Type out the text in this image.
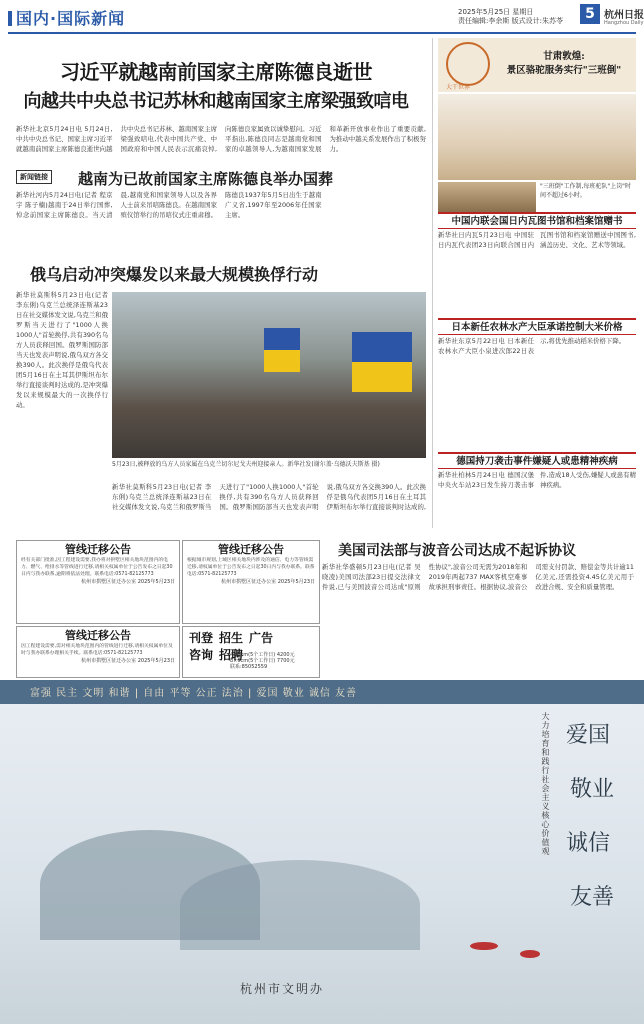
国内·国际新闻	2025年5月25日 星期日
责任编辑:李余斯 版式设计:朱苏苓	5 杭州日报
Hangzhou Daily
习近平就越南前国家主席陈德良逝世
向越共中央总书记苏林和越南国家主席梁强致唁电
新华社北京5月24日电 5月24日,中共中央总书记、国家主席习近平就越南前国家主席陈德良逝世向越共中央总书记苏林、越南国家主席梁强致唁电,代表中国共产党、中国政府和中国人民表示沉痛哀悼,向陈德良家属致以诚挚慰问。习近平指出,陈德良同志是越南党和国家的卓越领导人,为越南国家发展和革新开放事业作出了重要贡献,为推动中越关系发展作出了积极努力。
新闻链接 越南为已故前国家主席陈德良举办国葬
新华社河内5月24日电(记者 程京宇 陈子楠)越南于24日举行国葬,悼念前国家主席陈德良。当天清晨,越南党和国家领导人以及各界人士前来吊唁陈德良。在越南国家殡仪馆举行的吊唁仪式庄重肃穆。陈德良1937年5月5日出生于越南广义省,1997年至2006年任国家主席。
俄乌启动冲突爆发以来最大规模换俘行动
新华社莫斯科5月23日电(记者 李东俐)乌克兰总统泽连斯基23日在社交媒体发文说,乌克兰和俄罗斯当天进行了"1000人换1000人"首轮换俘,共有390名乌方人员获释回国。俄罗斯国防部当天也发表声明说,俄乌双方各交换390人。此次换俘是俄乌代表团5月16日在土耳其伊斯坦布尔举行直接谈判时达成的,是冲突爆发以来规模最大的一次换俘行动。
5月23日,被释放的乌方人员家属在乌克兰切尔尼戈夫州迎接亲人。新华社发(谢尔盖·乌德沃夫斯基 摄)
新华社莫斯科5月23日电(记者 李东俐)乌克兰总统泽连斯基23日在社交媒体发文说,乌克兰和俄罗斯当天进行了"1000人换1000人"首轮换俘,共有390名乌方人员获释回国。俄罗斯国防部当天也发表声明说,俄乌双方各交换390人。此次换俘是俄乌代表团5月16日在土耳其伊斯坦布尔举行直接谈判时达成的,
管线迁移公告
经有关部门批准,因工程建设需要,我办将对拱墅区相关地块范围内的电力、燃气、给排水等管线进行迁移,请相关权属单位于公告发布之日起30日内与我办联系,逾期将依法处理。联系电话:0571-82125773
杭州市拱墅区征迁办公室 2025年5月23日
管线迁移公告
根据城市规划,上城区相关地块内涉及的通信、电力等管线需迁移,请权属单位于公告发布之日起30日内与我办联系。联系电话:0571-82125773
杭州市拱墅区征迁办公室 2025年5月23日
管线迁移公告
因工程建设需要,需对相关地块范围内的管线进行迁移,请相关权属单位及时与我办联系办理相关手续。联系电话:0571-82125773
杭州市拱墅区征迁办公室 2025年5月23日
刊登
咨询
招生
招聘
广告
4×6cm(5个工作日) 4200元
8×6cm(5个工作日) 7700元
联系:85052559
美国司法部与波音公司达成不起诉协议
新华社华盛顿5月23日电(记者 吴晓凌)美国司法部23日提交法律文件说,已与美国波音公司达成"原则性协议",波音公司无需为2018年和2019年两起737 MAX客机空难事故承担刑事责任。根据协议,波音公司需支付罚款、赔偿金等共计逾11亿美元,还需投资4.45亿美元用于改进合规、安全和质量管理。
大干世界
甘肃敦煌:
景区骆驼服务实行"三班倒"
"三班倒"工作制,每班驼队"上岗"时间不超过6小时。
中国内联会国日内瓦图书馆和档案馆赠书
新华社日内瓦5月23日电 中国驻日内瓦代表团23日向联合国日内瓦图书馆和档案馆赠送中国图书,涵盖历史、文化、艺术等领域。
日本新任农林水产大臣承诺控制大米价格
新华社东京5月22日电 日本新任农林水产大臣小泉进次郎22日表示,将优先推动稻米价格下降。
德国持刀袭击事件嫌疑人或患精神疾病
新华社柏林5月24日电 德国汉堡中央火车站23日发生持刀袭击事件,造成18人受伤,嫌疑人或患有精神疾病。
富强 民主 文明 和谐 | 自由 平等 公正 法治 | 爱国 敬业 诚信 友善
大力培育和践行社会主义核心价值观 爱国
敬业
诚信
友善
杭州市文明办
